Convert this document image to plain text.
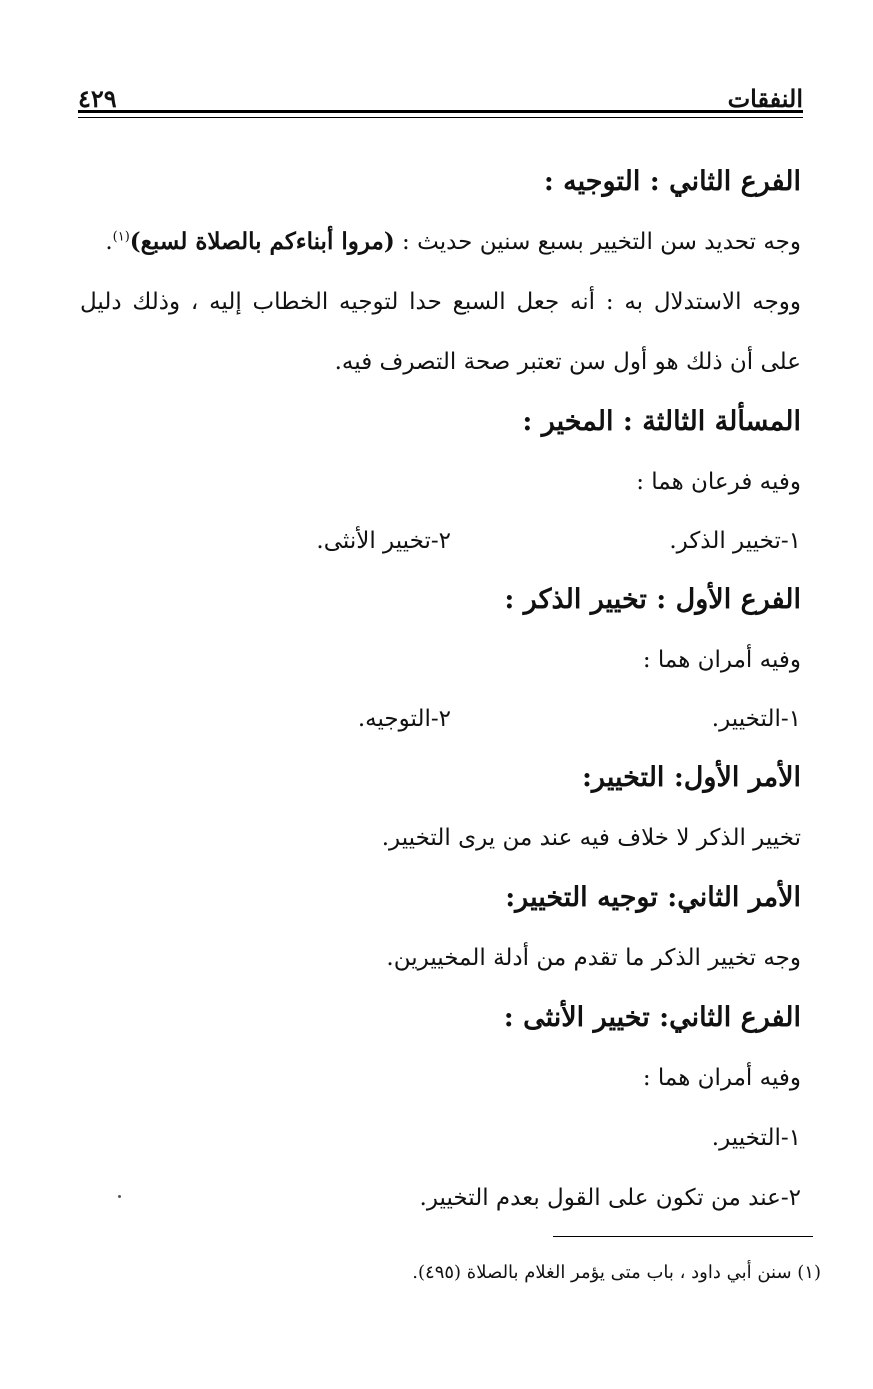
النفقات
٤٢٩
الفرع الثاني : التوجيه :

وجه تحديد سن التخيير بسبع سنين حديث : (مروا أبناءكم بالصلاة لسبع)$^{(١)}$.

ووجه الاستدلال به : أنه جعل السبع حدا لتوجيه الخطاب إليه ، وذلك دليل على أن ذلك هو أول سن تعتبر صحة التصرف فيه.

المسألة الثالثة : المخير :

وفيه فرعان هما :

١-تخيير الذكر.
٢-تخيير الأنثى.
الفرع الأول : تخيير الذكر :

وفيه أمران هما :

١-التخيير.
٢-التوجيه.
الأمر الأول: التخيير:

تخيير الذكر لا خلاف فيه عند من يرى التخيير.

الأمر الثاني: توجيه التخيير:

وجه تخيير الذكر ما تقدم من أدلة المخييرين.

الفرع الثاني: تخيير الأنثى :

وفيه أمران هما :

١-التخيير.

٢-عند من تكون على القول بعدم التخيير.

(١) سنن أبي داود ، باب متى يؤمر الغلام بالصلاة (٤٩٥).
